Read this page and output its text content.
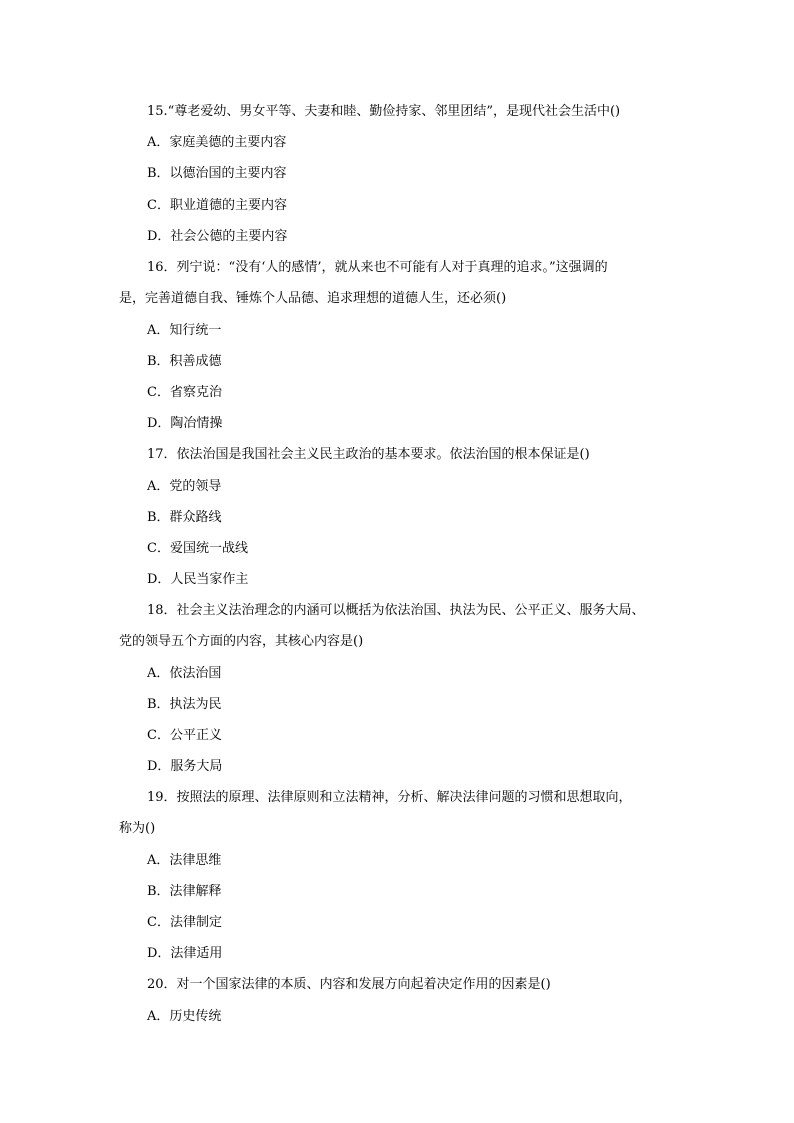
15.“尊老爱幼、男女平等、夫妻和睦、勤俭持家、邻里团结”，是现代社会生活中()
A．家庭美德的主要内容
B．以德治国的主要内容
C．职业道德的主要内容
D．社会公德的主要内容
16．列宁说：“没有‘人的感情’，就从来也不可能有人对于真理的追求。”这强调的
是，完善道德自我、锤炼个人品德、追求理想的道德人生，还必须()
A．知行统一
B．积善成德
C．省察克治
D．陶冶情操
17．依法治国是我国社会主义民主政治的基本要求。依法治国的根本保证是()
A．党的领导
B．群众路线
C．爱国统一战线
D．人民当家作主
18．社会主义法治理念的内涵可以概括为依法治国、执法为民、公平正义、服务大局、
党的领导五个方面的内容，其核心内容是()
A．依法治国
B．执法为民
C．公平正义
D．服务大局
19．按照法的原理、法律原则和立法精神，分析、解决法律问题的习惯和思想取向，
称为()
A．法律思维
B．法律解释
C．法律制定
D．法律适用
20．对一个国家法律的本质、内容和发展方向起着决定作用的因素是()
A．历史传统
